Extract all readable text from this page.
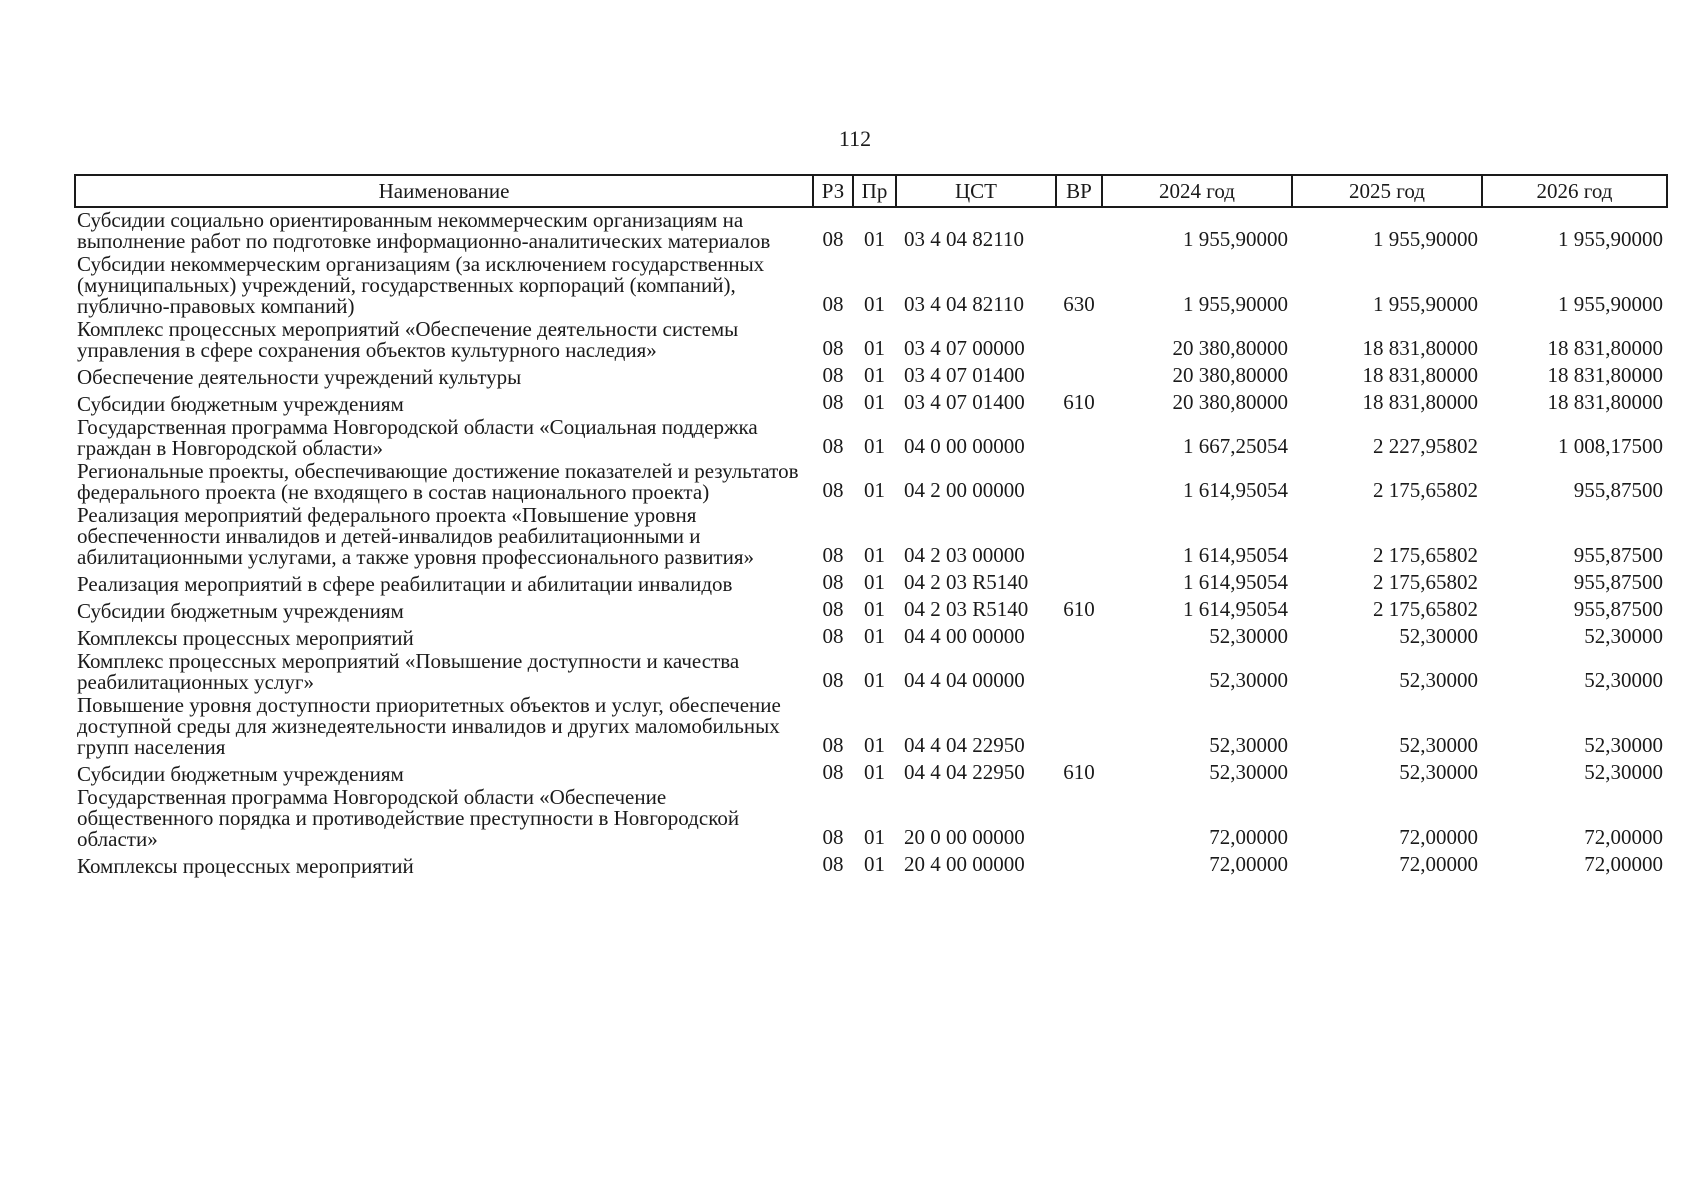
112
Наименование	РЗ	Пр	ЦСТ	ВР	2024 год	2025 год	2026 год
Субсидии социально ориентированным некоммерческим организациям на выполнение работ по подготовке информационно-аналитических материалов	08	01	03 4 04 82110		1 955,90000	1 955,90000	1 955,90000
Субсидии некоммерческим организациям (за исключением государственных (муниципальных) учреждений, государственных корпораций (компаний), публично-правовых компаний)	08	01	03 4 04 82110	630	1 955,90000	1 955,90000	1 955,90000
Комплекс процессных мероприятий «Обеспечение деятельности системы управления в сфере сохранения объектов культурного наследия»	08	01	03 4 07 00000		20 380,80000	18 831,80000	18 831,80000
Обеспечение деятельности учреждений культуры	08	01	03 4 07 01400		20 380,80000	18 831,80000	18 831,80000
Субсидии бюджетным учреждениям	08	01	03 4 07 01400	610	20 380,80000	18 831,80000	18 831,80000
Государственная программа Новгородской области «Социальная поддержка граждан в Новгородской области»	08	01	04 0 00 00000		1 667,25054	2 227,95802	1 008,17500
Региональные проекты, обеспечивающие достижение показателей и результатов федерального проекта (не входящего в состав национального проекта)	08	01	04 2 00 00000		1 614,95054	2 175,65802	955,87500
Реализация мероприятий федерального проекта «Повышение уровня обеспеченности инвалидов и детей-инвалидов реабилитационными и абилитационными услугами, а также уровня профессионального развития»	08	01	04 2 03 00000		1 614,95054	2 175,65802	955,87500
Реализация мероприятий в сфере реабилитации и абилитации инвалидов	08	01	04 2 03 R5140		1 614,95054	2 175,65802	955,87500
Субсидии бюджетным учреждениям	08	01	04 2 03 R5140	610	1 614,95054	2 175,65802	955,87500
Комплексы процессных мероприятий	08	01	04 4 00 00000		52,30000	52,30000	52,30000
Комплекс процессных мероприятий «Повышение доступности и качества реабилитационных услуг»	08	01	04 4 04 00000		52,30000	52,30000	52,30000
Повышение уровня доступности приоритетных объектов и услуг, обеспечение доступной среды для жизнедеятельности инвалидов и других маломобильных групп населения	08	01	04 4 04 22950		52,30000	52,30000	52,30000
Субсидии бюджетным учреждениям	08	01	04 4 04 22950	610	52,30000	52,30000	52,30000
Государственная программа Новгородской области «Обеспечение общественного порядка и противодействие преступности в Новгородской области»	08	01	20 0 00 00000		72,00000	72,00000	72,00000
Комплексы процессных мероприятий	08	01	20 4 00 00000		72,00000	72,00000	72,00000
